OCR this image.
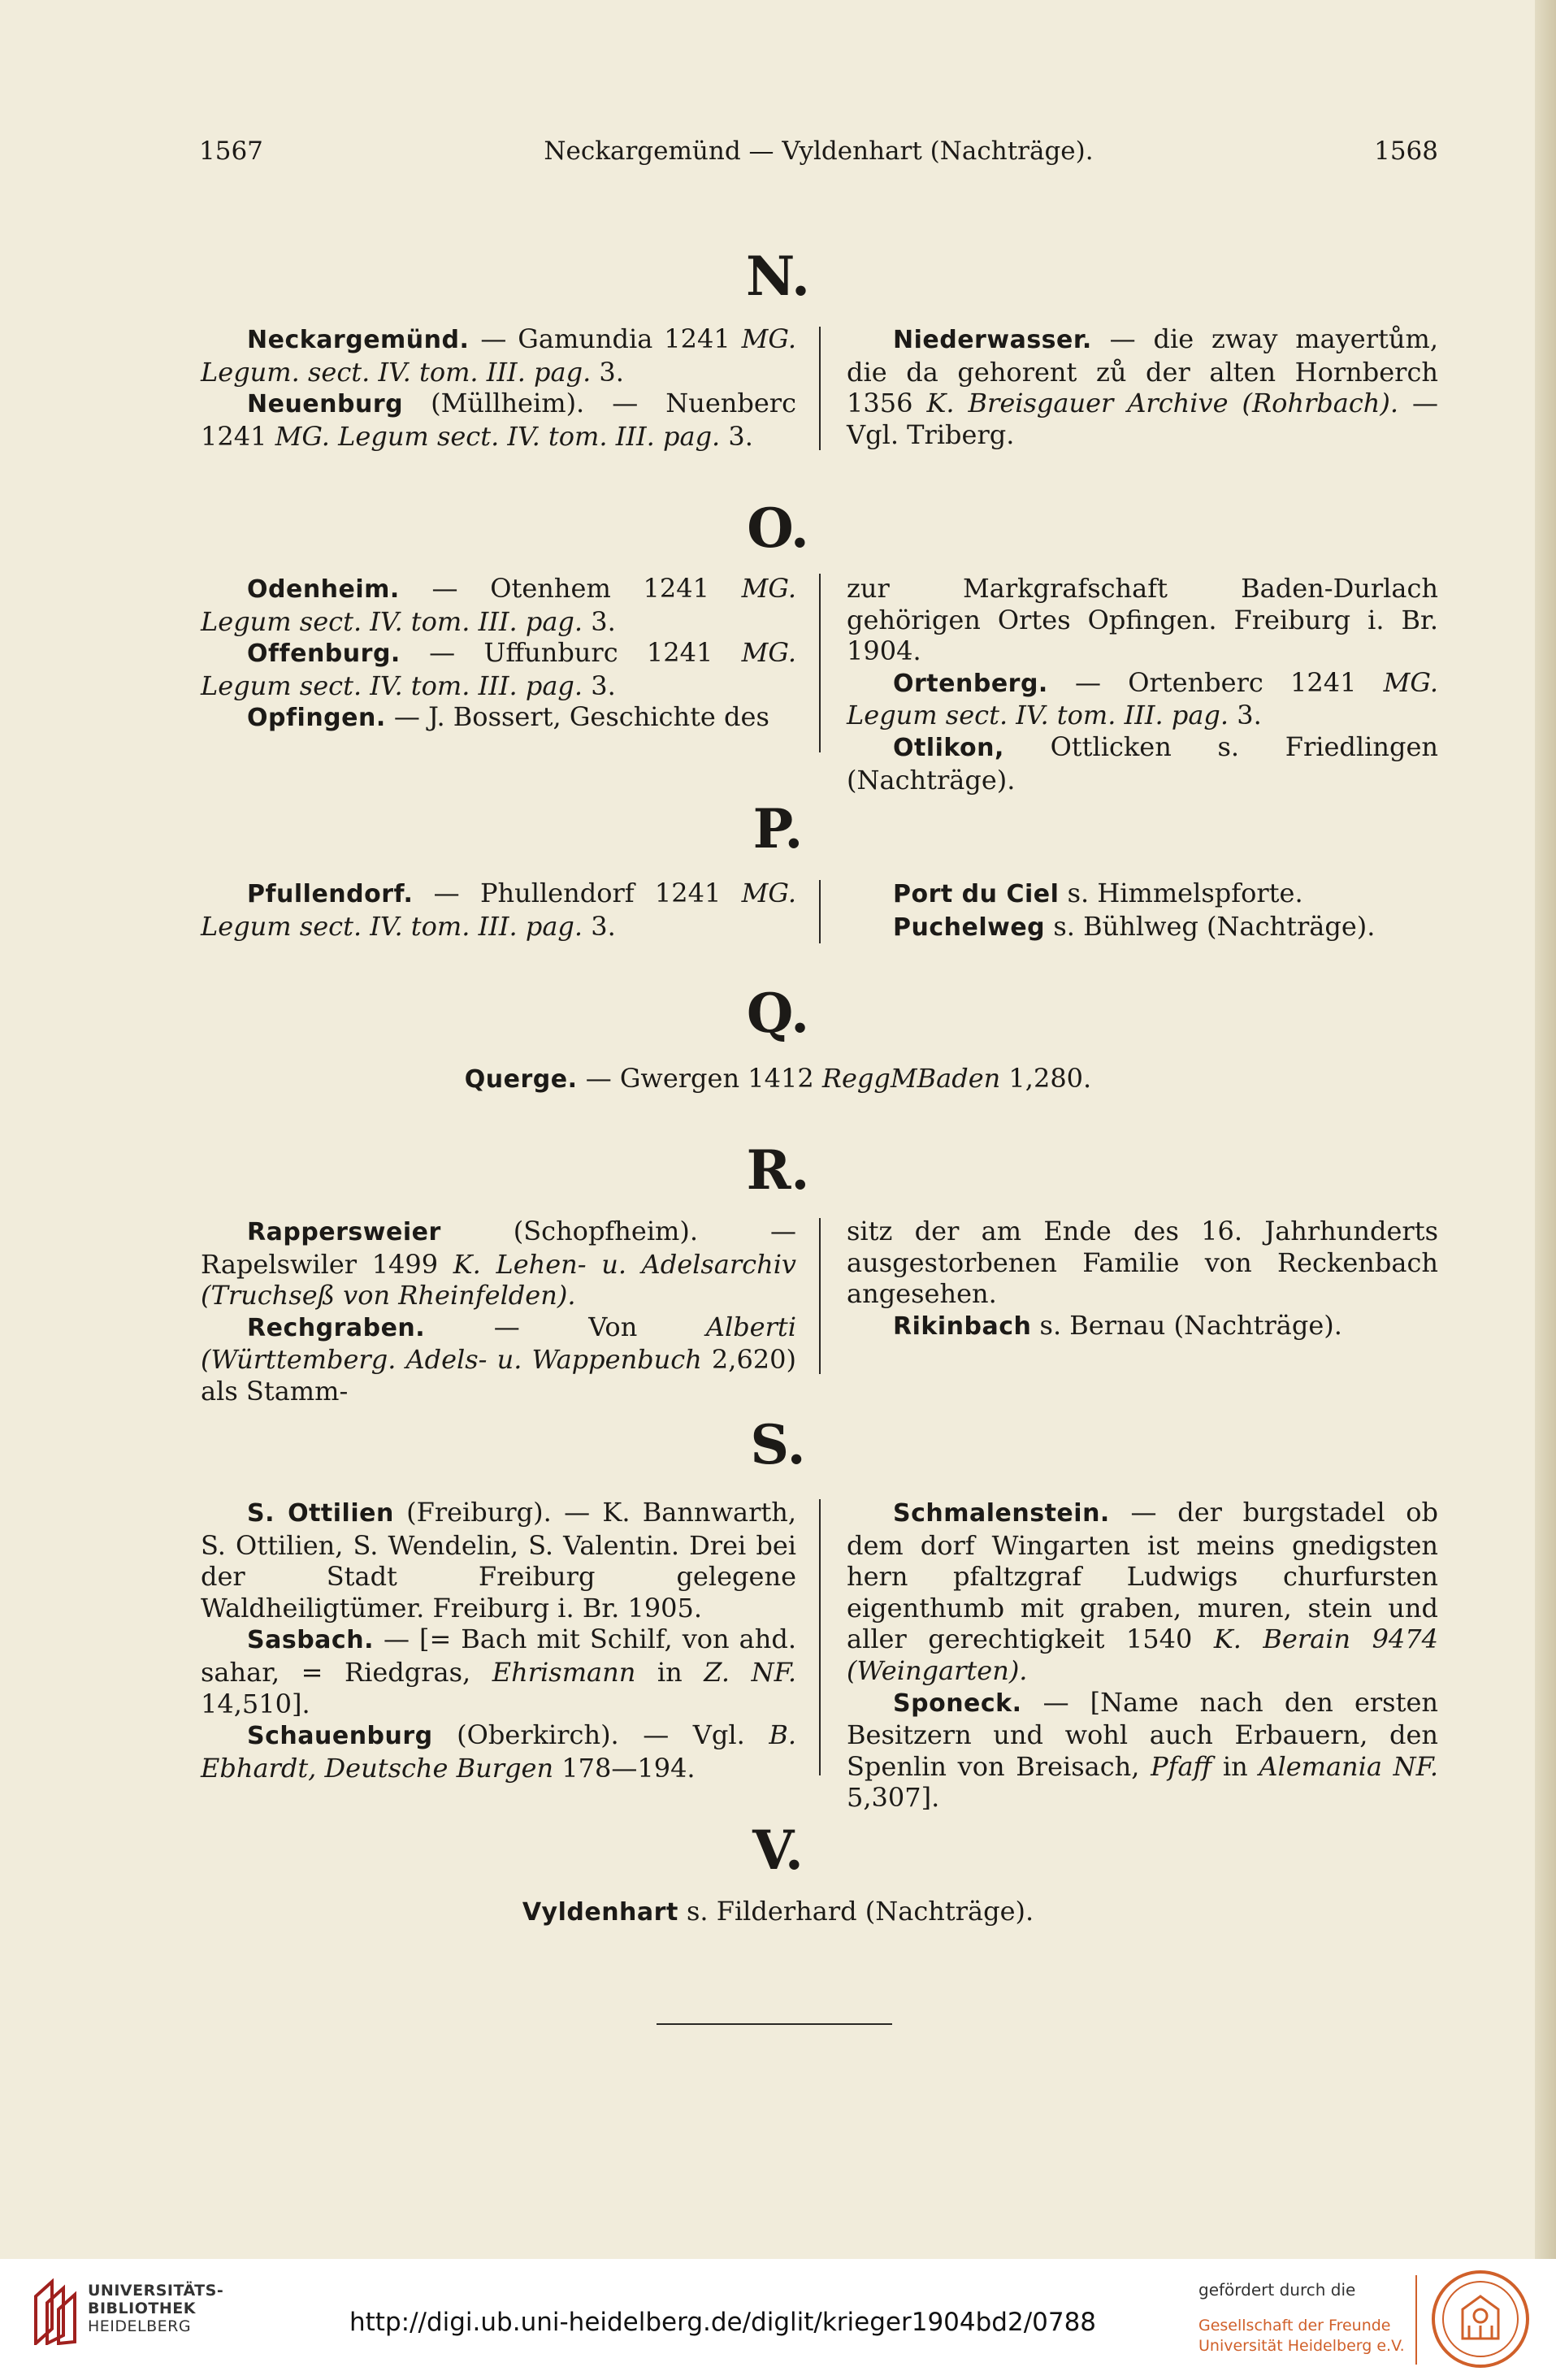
1567	Neckargemünd — Vyldenhart (Nachträge).	1568
N.

Neckargemünd. — Gamundia 1241 MG. Legum. sect. IV. tom. III. pag. 3.

Neuenburg (Müllheim). — Nuenberc 1241 MG. Legum sect. IV. tom. III. pag. 3.

Niederwasser. — die zway mayertům, die da gehorent zů der alten Hornberch 1356 K. Breisgauer Archive (Rohrbach). — Vgl. Triberg.

O.

Odenheim. — Otenhem 1241 MG. Legum sect. IV. tom. III. pag. 3.

Offenburg. — Uffunburc 1241 MG. Legum sect. IV. tom. III. pag. 3.

Opfingen. — J. Bossert, Geschichte des

zur Markgrafschaft Baden-Durlach gehörigen Ortes Opfingen. Freiburg i. Br. 1904.

Ortenberg. — Ortenberc 1241 MG. Legum sect. IV. tom. III. pag. 3.

Otlikon, Ottlicken s. Friedlingen (Nachträge).

P.

Pfullendorf. — Phullendorf 1241 MG. Legum sect. IV. tom. III. pag. 3.

Port du Ciel s. Himmelspforte.

Puchelweg s. Bühlweg (Nachträge).

Q.
Querge. — Gwergen 1412 ReggMBaden 1,280.
R.

Rappersweier (Schopfheim). — Rapelswiler 1499 K. Lehen- u. Adelsarchiv (Truchseß von Rheinfelden).

Rechgraben. — Von Alberti (Württemberg. Adels- u. Wappenbuch 2,620) als Stamm-

sitz der am Ende des 16. Jahrhunderts ausgestorbenen Familie von Reckenbach angesehen.

Rikinbach s. Bernau (Nachträge).

S.

S. Ottilien (Freiburg). — K. Bannwarth, S. Ottilien, S. Wendelin, S. Valentin. Drei bei der Stadt Freiburg gelegene Waldheiligtümer. Freiburg i. Br. 1905.

Sasbach. — [= Bach mit Schilf, von ahd. sahar, = Riedgras, Ehrismann in Z. NF. 14,510].

Schauenburg (Oberkirch). — Vgl. B. Ebhardt, Deutsche Burgen 178—194.

Schmalenstein. — der burgstadel ob dem dorf Wingarten ist meins gnedigsten hern pfaltzgraf Ludwigs churfursten eigenthumb mit graben, muren, stein und aller gerechtigkeit 1540 K. Berain 9474 (Weingarten).

Sponeck. — [Name nach den ersten Besitzern und wohl auch Erbauern, den Spenlin von Breisach, Pfaff in Alemania NF. 5,307].

V.
Vyldenhart s. Filderhard (Nachträge).
UNIVERSITÄTS-
BIBLIOTHEK
HEIDELBERG	http://digi.ub.uni-heidelberg.de/diglit/krieger1904bd2/0788
gefördert durch die
Gesellschaft der Freunde
Universität Heidelberg e.V.
